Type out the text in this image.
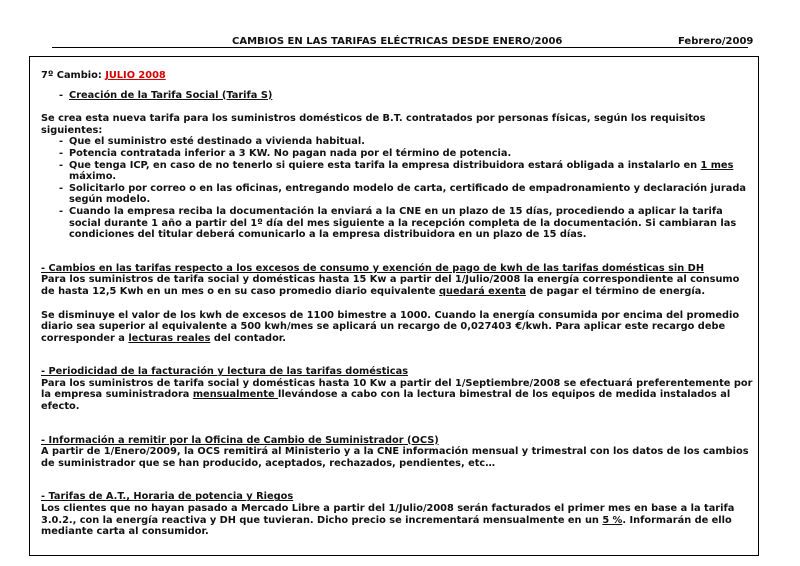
CAMBIOS EN LAS TARIFAS ELÉCTRICAS DESDE ENERO/2006	Febrero/2009

7º Cambio: JULIO 2008

- Creación de la Tarifa Social (Tarifa S)

Se crea esta nueva tarifa para los suministros domésticos de B.T. contratados por personas físicas, según los requisitos siguientes:

- Que el suministro esté destinado a vivienda habitual.
- Potencia contratada inferior a 3 KW. No pagan nada por el término de potencia.
- Que tenga ICP, en caso de no tenerlo si quiere esta tarifa la empresa distribuidora estará obligada a instalarlo en 1 mes máximo.
- Solicitarlo por correo o en las oficinas, entregando modelo de carta, certificado de empadronamiento y declaración jurada según modelo.
- Cuando la empresa reciba la documentación la enviará a la CNE en un plazo de 15 días, procediendo a aplicar la tarifa social durante 1 año a partir del 1º día del mes siguiente a la recepción completa de la documentación. Si cambiaran las condiciones del titular deberá comunicarlo a la empresa distribuidora en un plazo de 15 días.

- Cambios en las tarifas respecto a los excesos de consumo y exención de pago de kwh de las tarifas domésticas sin DH

Para los suministros de tarifa social y domésticas hasta 15 Kw a partir del 1/Julio/2008 la energía correspondiente al consumo de hasta 12,5 Kwh en un mes o en su caso promedio diario equivalente quedará exenta de pagar el término de energía.

Se disminuye el valor de los kwh de excesos de 1100 bimestre a 1000. Cuando la energía consumida por encima del promedio diario sea superior al equivalente a 500 kwh/mes se aplicará un recargo de 0,027403 €/kwh. Para aplicar este recargo debe corresponder a lecturas reales del contador.

- Periodicidad de la facturación y lectura de las tarifas domésticas

Para los suministros de tarifa social y domésticas hasta 10 Kw a partir del 1/Septiembre/2008 se efectuará preferentemente por la empresa suministradora mensualmente llevándose a cabo con la lectura bimestral de los equipos de medida instalados al efecto.

- Información a remitir por la Oficina de Cambio de Suministrador (OCS)

A partir de 1/Enero/2009, la OCS remitirá al Ministerio y a la CNE información mensual y trimestral con los datos de los cambios de suministrador que se han producido, aceptados, rechazados, pendientes, etc…

- Tarifas de A.T., Horaria de potencia y Riegos

Los clientes que no hayan pasado a Mercado Libre a partir del 1/Julio/2008 serán facturados el primer mes en base a la tarifa 3.0.2., con la energía reactiva y DH que tuvieran. Dicho precio se incrementará mensualmente en un 5 %. Informarán de ello mediante carta al consumidor.
